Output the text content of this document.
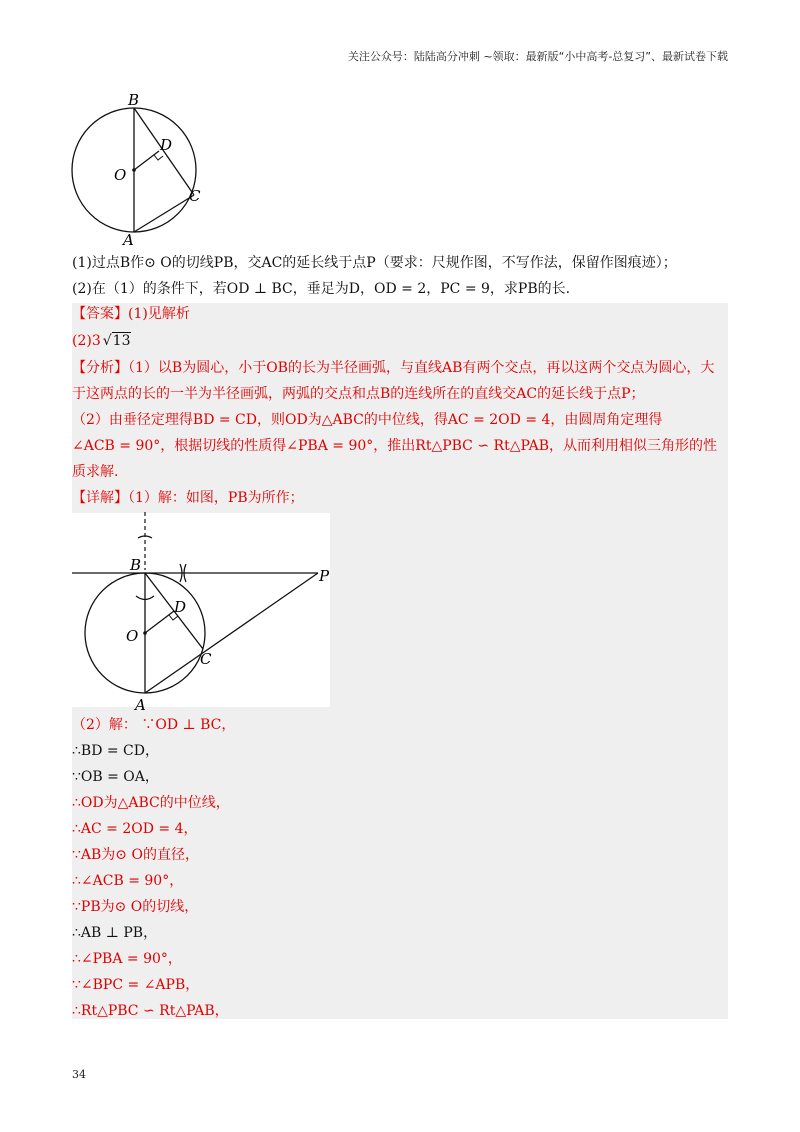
关注公众号：陆陆高分冲刺 ~领取：最新版“小中高考-总复习”、最新试卷下载
B
O
D
C
A
(1)过点B作⊙ O的切线PB，交AC的延长线于点P（要求：尺规作图，不写作法，保留作图痕迹）；
(2)在（1）的条件下，若OD ⊥ BC，垂足为D，OD = 2，PC = 9，求PB的长.
【答案】(1)见解析
(2)3 √13
【分析】（1）以B为圆心，小于OB的长为半径画弧，与直线AB有两个交点，再以这两个交点为圆心，大
于这两点的长的一半为半径画弧，两弧的交点和点B的连线所在的直线交AC的延长线于点P；
（2）由垂径定理得BD = CD，则OD为△ABC的中位线，得AC = 2OD = 4，由圆周角定理得
∠ACB = 90°，根据切线的性质得∠PBA = 90°，推出Rt△PBC ∽ Rt△PAB，从而利用相似三角形的性
质求解.
【详解】（1）解：如图，PB为所作；
B
P
D
O
C
A
（2）解： ∵OD ⊥ BC，
∴BD = CD，
∵OB = OA，
∴OD为△ABC的中位线，
∴AC = 2OD = 4，
∵AB为⊙ O的直径，
∴∠ACB = 90°，
∵PB为⊙ O的切线，
∴AB ⊥ PB，
∴∠PBA = 90°，
∵∠BPC = ∠APB，
∴Rt△PBC ∽ Rt△PAB，
34
